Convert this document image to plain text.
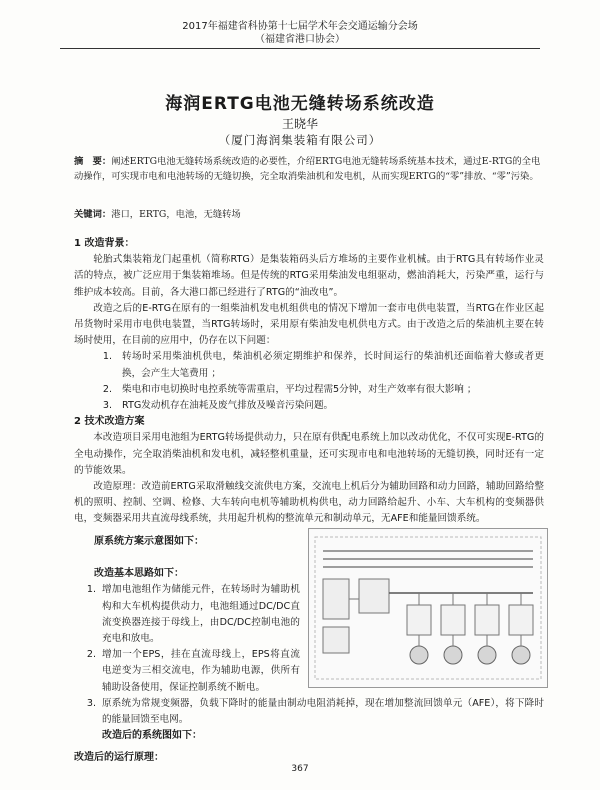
2017年福建省科协第十七届学术年会交通运输分会场
（福建省港口协会）
海润ERTG电池无缝转场系统改造
王晓华
（厦门海润集装箱有限公司）
摘　要：阐述ERTG电池无缝转场系统改造的必要性，介绍ERTG电池无缝转场系统基本技术，通过E-RTG的全电动操作，可实现市电和电池转场的无缝切换，完全取消柴油机和发电机，从而实现ERTG的“零”排放、“零”污染。
关键词：港口，ERTG，电池，无缝转场
1 改造背景：
轮胎式集装箱龙门起重机（简称RTG）是集装箱码头后方堆场的主要作业机械。由于RTG具有转场作业灵活的特点，被广泛应用于集装箱堆场。但是传统的RTG采用柴油发电组驱动，燃油消耗大，污染严重，运行与维护成本较高。目前，各大港口都已经进行了RTG的“油改电”。
改造之后的E-RTG在原有的一组柴油机发电机组供电的情况下增加一套市电供电装置，当RTG在作业区起吊货物时采用市电供电装置，当RTG转场时，采用原有柴油发电机供电方式。由于改造之后的柴油机主要在转场时使用，在目前的应用中，仍存在以下问题：
1.	转场时采用柴油机供电，柴油机必须定期维护和保养，长时间运行的柴油机还面临着大修或者更换，会产生大笔费用 ；
2.	柴电和市电切换时电控系统等需重启，平均过程需5分钟，对生产效率有很大影响 ；
3.	RTG发动机存在油耗及废气排放及噪音污染问题。
2 技术改造方案
本改造项目采用电池组为ERTG转场提供动力，只在原有供配电系统上加以改动优化，不仅可实现E-RTG的全电动操作，完全取消柴油机和发电机，减轻整机重量，还可实现市电和电池转场的无缝切换，同时还有一定的节能效果。
改造原理：改造前ERTG采取滑触线交流供电方案，交流电上机后分为辅助回路和动力回路，辅助回路给整机的照明、控制、空调、检修、大车转向电机等辅助机构供电，动力回路给起升、小车、大车机构的变频器供电，变频器采用共直流母线系统，共用起升机构的整流单元和制动单元，无AFE和能量回馈系统。
原系统方案示意图如下：
改造基本思路如下：
1. 增加电池组作为储能元件，在转场时为辅助机构和大车机构提供动力，电池组通过DC/DC直流变换器连接于母线上，由DC/DC控制电池的充电和放电。
2. 增加一个EPS，挂在直流母线上，EPS将直流电逆变为三相交流电，作为辅助电源，供所有辅助设备使用，保证控制系统不断电。
3. 原系统为常规变频器，负载下降时的能量由制动电阻消耗掉，现在增加整流回馈单元（AFE），将下降时的能量回馈至电网。
改造后的系统图如下：
改造后的运行原理：
367
